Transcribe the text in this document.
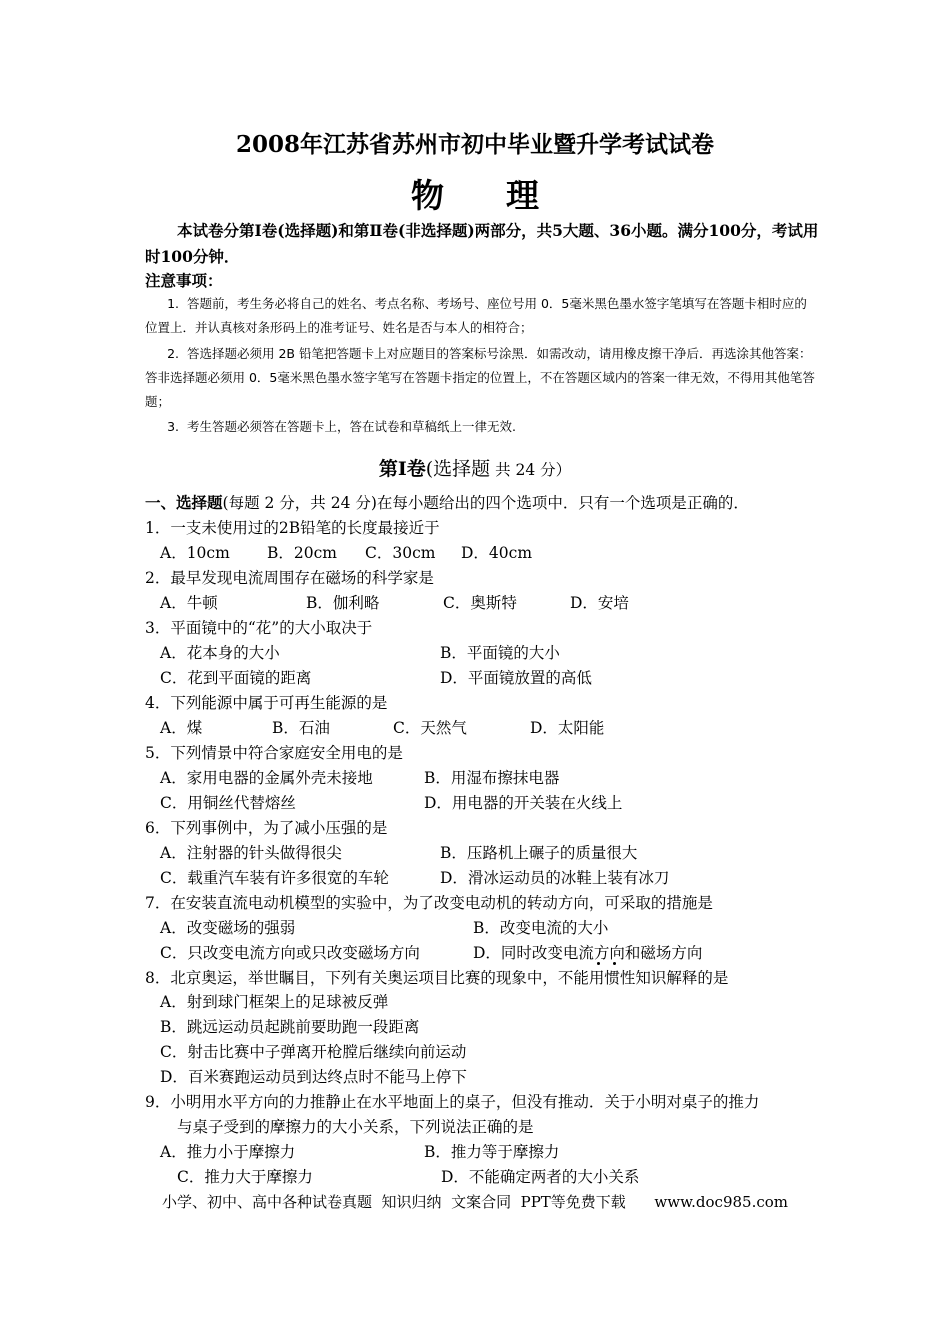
2008年江苏省苏州市初中毕业暨升学考试试卷
物理
本试卷分第Ⅰ卷(选择题)和第Ⅱ卷(非选择题)两部分，共5大题、36小题。满分100分，考试用时100分钟．
注意事项：
1. 答题前，考生务必将自己的姓名、考点名称、考场号、座位号用 0．5毫米黑色墨水签字笔填写在答题卡相时应的位置上．并认真核对条形码上的准考证号、姓名是否与本人的相符合；
2. 答选择题必须用 2B 铅笔把答题卡上对应题目的答案标号涂黑．如需改动，请用橡皮擦干净后．再选涂其他答案：答非选择题必须用 0．5毫米黑色墨水签字笔写在答题卡指定的位置上，不在答题区域内的答案一律无效，不得用其他笔答题；
3. 考生答题必须答在答题卡上，答在试卷和草稿纸上一律无效.
第Ⅰ卷(选择题 共 24 分）
一、选择题(每题 2 分，共 24 分)在每小题给出的四个选项中．只有一个选项是正确的．
1．一支未使用过的2B铅笔的长度最接近于
A．10cm B．20cm C．30cm D．40cm
2．最早发现电流周围存在磁场的科学家是
A．牛顿	B．伽利略	C．奥斯特	D．安培
3．平面镜中的“花”的大小取决于
A．花本身的大小	B．平面镜的大小
C．花到平面镜的距离	D．平面镜放置的高低
4．下列能源中属于可再生能源的是
A．煤	B．石油	C．天然气	D．太阳能
5．下列情景中符合家庭安全用电的是
A．家用电器的金属外壳未接地	B．用湿布擦抹电器
C．用铜丝代替熔丝	D．用电器的开关装在火线上
6．下列事例中，为了减小压强的是
A．注射器的针头做得很尖	B．压路机上碾子的质量很大
C．载重汽车装有许多很宽的车轮	D．滑冰运动员的冰鞋上装有冰刀
7．在安装直流电动机模型的实验中，为了改变电动机的转动方向，可采取的措施是
A．改变磁场的强弱	B．改变电流的大小
C．只改变电流方向或只改变磁场方向	D．同时改变电流方向和磁场方向
8．北京奥运，举世瞩目，下列有关奥运项目比赛的现象中，不能用惯性知识解释的是
A．射到球门框架上的足球被反弹
B．跳远运动员起跳前要助跑一段距离
C．射击比赛中子弹离开枪膛后继续向前运动
D．百米赛跑运动员到达终点时不能马上停下
9．小明用水平方向的力推静止在水平地面上的桌子，但没有推动．关于小明对桌子的推力
与桌子受到的摩擦力的大小关系，下列说法正确的是
A．推力小于摩擦力	B．推力等于摩擦力
C．推力大于摩擦力	D．不能确定两者的大小关系
小学、初中、高中各种试卷真题  知识归纳  文案合同  PPT等免费下载      www.doc985.com
